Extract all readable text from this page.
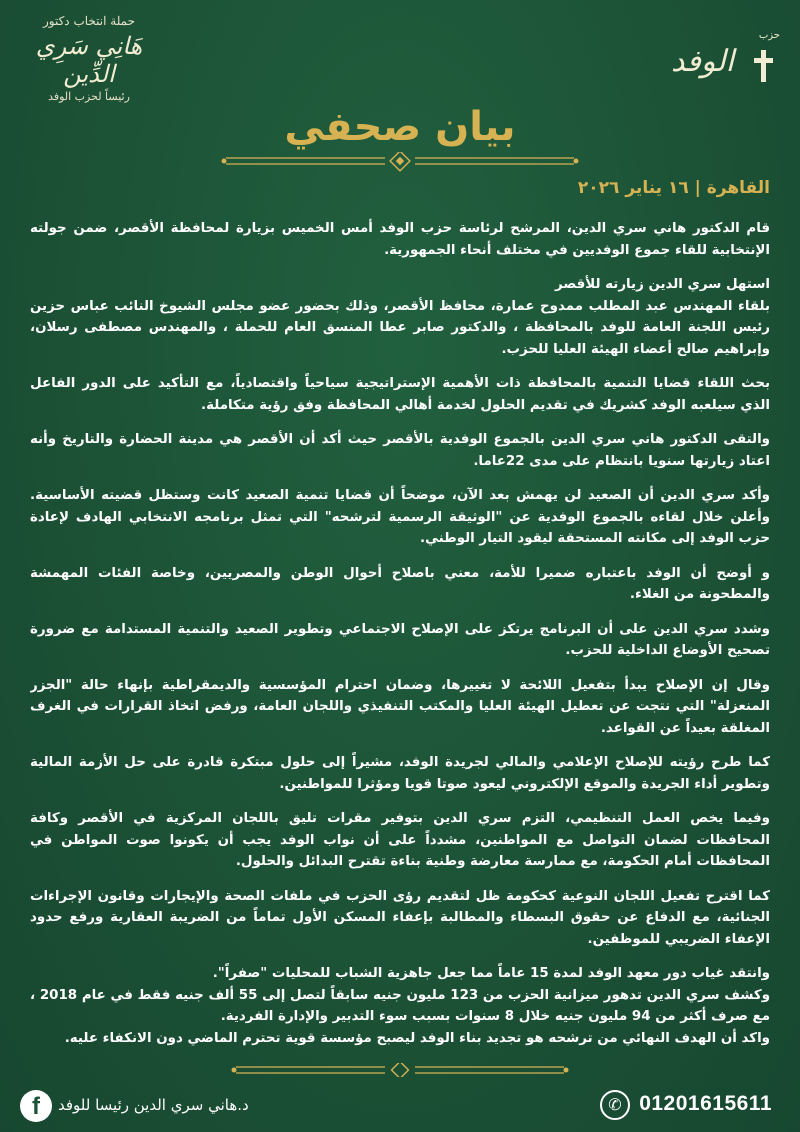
حملة انتخاب دكتور
هَانِي سَرِي الدِّين
رئيساً لحزب الوفد
حزب
الوفد
بيان صحفي
القاهرة | ١٦ يناير ٢٠٢٦

قام الدكتور هاني سري الدين، المرشح لرئاسة حزب الوفد أمس الخميس بزيارة لمحافظة الأقصر، ضمن جولته الإنتخابية للقاء جموع الوفديين في مختلف أنحاء الجمهورية.

استهل سري الدين زيارته للأقصر
بلقاء المهندس عبد المطلب ممدوح عمارة، محافظ الأقصر، وذلك بحضور عضو مجلس الشيوخ النائب عباس حزين رئيس اللجنة العامة للوفد بالمحافظة ، والدكتور صابر عطا المنسق العام للحملة ، والمهندس مصطفى رسلان، وإبراهيم صالح أعضاء الهيئة العليا للحزب.

بحث اللقاء قضايا التنمية بالمحافظة ذات الأهمية الإستراتيجية سياحياً واقتصادياً، مع التأكيد على الدور الفاعل الذي سيلعبه الوفد كشريك في تقديم الحلول لخدمة أهالي المحافظة وفق رؤية متكاملة.

والتقى الدكتور هاني سري الدين بالجموع الوفدية بالأقصر حيث أكد أن الأقصر هي مدينة الحضارة والتاريخ وأنه اعتاد زيارتها سنويا بانتظام على مدى 22عاما.

وأكد سري الدين أن الصعيد لن يهمش بعد الآن، موضحاً أن قضايا تنمية الصعيد كانت وستظل قضيته الأساسية. وأعلن خلال لقاءه بالجموع الوفدية عن "الوثيقة الرسمية لترشحه" التي تمثل برنامجه الانتخابي الهادف لإعادة حزب الوفد إلى مكانته المستحقة ليقود التيار الوطني.

و أوضح أن الوفد باعتباره ضميرا للأمة، معني باصلاح أحوال الوطن والمصريين، وخاصة الفئات المهمشة والمطحونة من الغلاء.

وشدد سري الدين على أن البرنامج يرتكز على الإصلاح الاجتماعي وتطوير الصعيد والتنمية المستدامة مع ضرورة تصحيح الأوضاع الداخلية للحزب.

وقال إن الإصلاح يبدأ بتفعيل اللائحة لا تغييرها، وضمان احترام المؤسسية والديمقراطية بإنهاء حالة "الجزر المنعزلة" التي نتجت عن تعطيل الهيئة العليا والمكتب التنفيذي واللجان العامة، ورفض اتخاذ القرارات في الغرف المغلقة بعيداً عن القواعد.

كما طرح رؤيته للإصلاح الإعلامي والمالي لجريدة الوفد، مشيراً إلى حلول مبتكرة قادرة على حل الأزمة المالية وتطوير أداء الجريدة والموقع الإلكتروني ليعود صوتا قويا ومؤثرا للمواطنين.

وفيما يخص العمل التنظيمي، التزم سري الدين بتوفير مقرات تليق باللجان المركزية في الأقصر وكافة المحافظات لضمان التواصل مع المواطنين، مشدداً على أن نواب الوفد يجب أن يكونوا صوت المواطن في المحافظات أمام الحكومة، مع ممارسة معارضة وطنية بناءة تقترح البدائل والحلول.

كما اقترح تفعيل اللجان النوعية كحكومة ظل لتقديم رؤى الحزب في ملفات الصحة والإيجارات وقانون الإجراءات الجنائية، مع الدفاع عن حقوق البسطاء والمطالبة بإعفاء المسكن الأول تماماً من الضريبة العقارية ورفع حدود الإعفاء الضريبي للموظفين.

وانتقد غياب دور معهد الوفد لمدة 15 عاماً مما جعل جاهزية الشباب للمحليات "صفراً".
وكشف سري الدين تدهور ميزانية الحزب من 123 مليون جنيه سابقاً لتصل إلى 55 ألف جنيه فقط في عام 2018 ، مع صرف أكثر من 94 مليون جنيه خلال 8 سنوات بسبب سوء التدبير والإدارة الفردية.
واكد أن الهدف النهائي من ترشحه هو تجديد بناء الوفد ليصبح مؤسسة قوية تحترم الماضي دون الانكفاء عليه.

f	د.هاني سري الدين رئيسا للوفد	✆ 01201615611
